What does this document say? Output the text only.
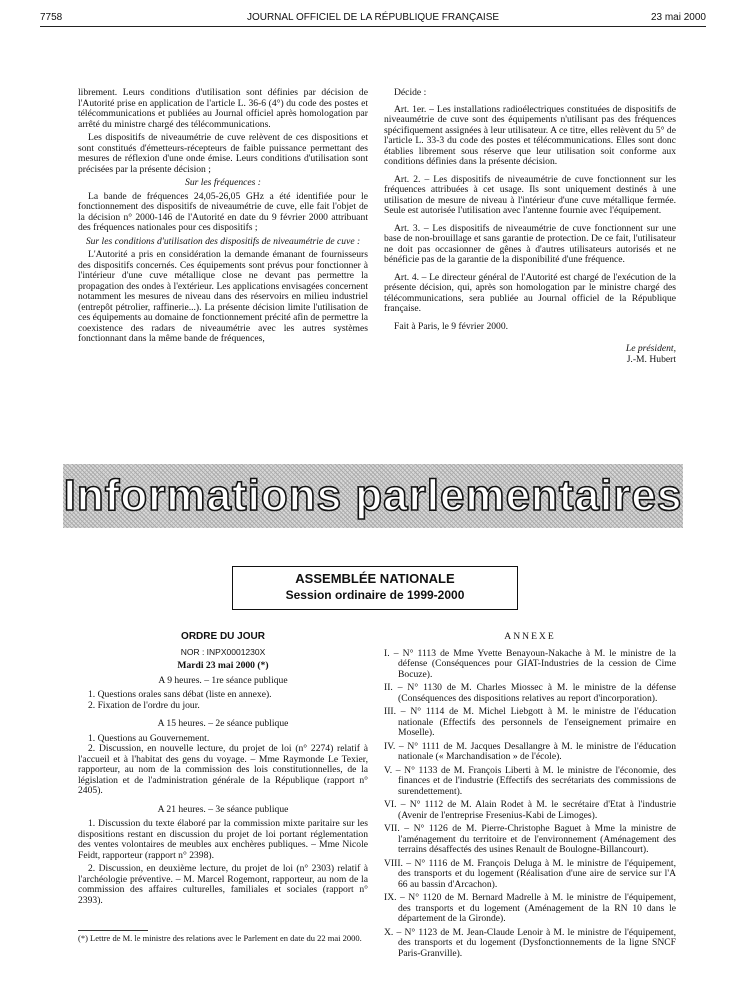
7758	JOURNAL OFFICIEL DE LA RÉPUBLIQUE FRANÇAISE	23 mai 2000

librement. Leurs conditions d'utilisation sont définies par décision de l'Autorité prise en application de l'article L. 36-6 (4°) du code des postes et télécommunications et publiées au Journal officiel après homologation par arrêté du ministre chargé des télécommunications.

Les dispositifs de niveaumétrie de cuve relèvent de ces dispositions et sont constitués d'émetteurs-récepteurs de faible puissance permettant des mesures de réflexion d'une onde émise. Leurs conditions d'utilisation sont précisées par la présente décision ;

Sur les fréquences :

La bande de fréquences 24,05-26,05 GHz a été identifiée pour le fonctionnement des dispositifs de niveaumétrie de cuve, elle fait l'objet de la décision n° 2000-146 de l'Autorité en date du 9 février 2000 attribuant des fréquences nationales pour ces dispositifs ;

Sur les conditions d'utilisation des dispositifs de niveaumétrie de cuve :

L'Autorité a pris en considération la demande émanant de fournisseurs des dispositifs concernés. Ces équipements sont prévus pour fonctionner à l'intérieur d'une cuve métallique close ne devant pas permettre la propagation des ondes à l'extérieur. Les applications envisagées concernent notamment les mesures de niveau dans des réservoirs en milieu industriel (entrepôt pétrolier, raffinerie...). La présente décision limite l'utilisation de ces équipements au domaine de fonctionnement précité afin de permettre la coexistence des radars de niveaumétrie avec les autres systèmes fonctionnant dans la même bande de fréquences,

Décide :

Art. 1er. – Les installations radioélectriques constituées de dispositifs de niveaumétrie de cuve sont des équipements n'utilisant pas des fréquences spécifiquement assignées à leur utilisateur. A ce titre, elles relèvent du 5° de l'article L. 33-3 du code des postes et télécommunications. Elles sont donc établies librement sous réserve que leur utilisation soit conforme aux conditions définies dans la présente décision.

Art. 2. – Les dispositifs de niveaumétrie de cuve fonctionnent sur les fréquences attribuées à cet usage. Ils sont uniquement destinés à une utilisation de mesure de niveau à l'intérieur d'une cuve métallique fermée. Seule est autorisée l'utilisation avec l'antenne fournie avec l'équipement.

Art. 3. – Les dispositifs de niveaumétrie de cuve fonctionnent sur une base de non-brouillage et sans garantie de protection. De ce fait, l'utilisateur ne doit pas occasionner de gênes à d'autres utilisateurs autorisés et ne bénéficie pas de la garantie de la disponibilité d'une fréquence.

Art. 4. – Le directeur général de l'Autorité est chargé de l'exécution de la présente décision, qui, après son homologation par le ministre chargé des télécommunications, sera publiée au Journal officiel de la République française.

Fait à Paris, le 9 février 2000.

Le président,

J.-M. Hubert

Informations parlementaires
ASSEMBLÉE NATIONALE
Session ordinaire de 1999-2000

ORDRE DU JOUR

NOR : INPX0001230X

Mardi 23 mai 2000 (*)

A 9 heures. – 1re séance publique

1. Questions orales sans débat (liste en annexe).

2. Fixation de l'ordre du jour.

A 15 heures. – 2e séance publique

1. Questions au Gouvernement.

2. Discussion, en nouvelle lecture, du projet de loi (n° 2274) relatif à l'accueil et à l'habitat des gens du voyage. – Mme Raymonde Le Texier, rapporteur, au nom de la commission des lois constitutionnelles, de la législation et de l'administration générale de la République (rapport n° 2405).

A 21 heures. – 3e séance publique

1. Discussion du texte élaboré par la commission mixte paritaire sur les dispositions restant en discussion du projet de loi portant réglementation des ventes volontaires de meubles aux enchères publiques. – Mme Nicole Feidt, rapporteur (rapport n° 2398).

2. Discussion, en deuxième lecture, du projet de loi (n° 2303) relatif à l'archéologie préventive. – M. Marcel Rogemont, rapporteur, au nom de la commission des affaires culturelles, familiales et sociales (rapport n° 2393).

(*) Lettre de M. le ministre des relations avec le Parlement en date du 22 mai 2000.

ANNEXE

I. – N° 1113 de Mme Yvette Benayoun-Nakache à M. le ministre de la défense (Conséquences pour GIAT-Industries de la cession de Cime Bocuze).

II. – N° 1130 de M. Charles Miossec à M. le ministre de la défense (Conséquences des dispositions relatives au report d'incorporation).

III. – N° 1114 de M. Michel Liebgott à M. le ministre de l'éducation nationale (Effectifs des personnels de l'enseignement primaire en Moselle).

IV. – N° 1111 de M. Jacques Desallangre à M. le ministre de l'éducation nationale (« Marchandisation » de l'école).

V. – N° 1133 de M. François Liberti à M. le ministre de l'économie, des finances et de l'industrie (Effectifs des secrétariats des commissions de surendettement).

VI. – N° 1112 de M. Alain Rodet à M. le secrétaire d'Etat à l'industrie (Avenir de l'entreprise Fresenius-Kabi de Limoges).

VII. – N° 1126 de M. Pierre-Christophe Baguet à Mme la ministre de l'aménagement du territoire et de l'environnement (Aménagement des terrains désaffectés des usines Renault de Boulogne-Billancourt).

VIII. – N° 1116 de M. François Deluga à M. le ministre de l'équipement, des transports et du logement (Réalisation d'une aire de service sur l'A 66 au bassin d'Arcachon).

IX. – N° 1120 de M. Bernard Madrelle à M. le ministre de l'équipement, des transports et du logement (Aménagement de la RN 10 dans le département de la Gironde).

X. – N° 1123 de M. Jean-Claude Lenoir à M. le ministre de l'équipement, des transports et du logement (Dysfonctionnements de la ligne SNCF Paris-Granville).
